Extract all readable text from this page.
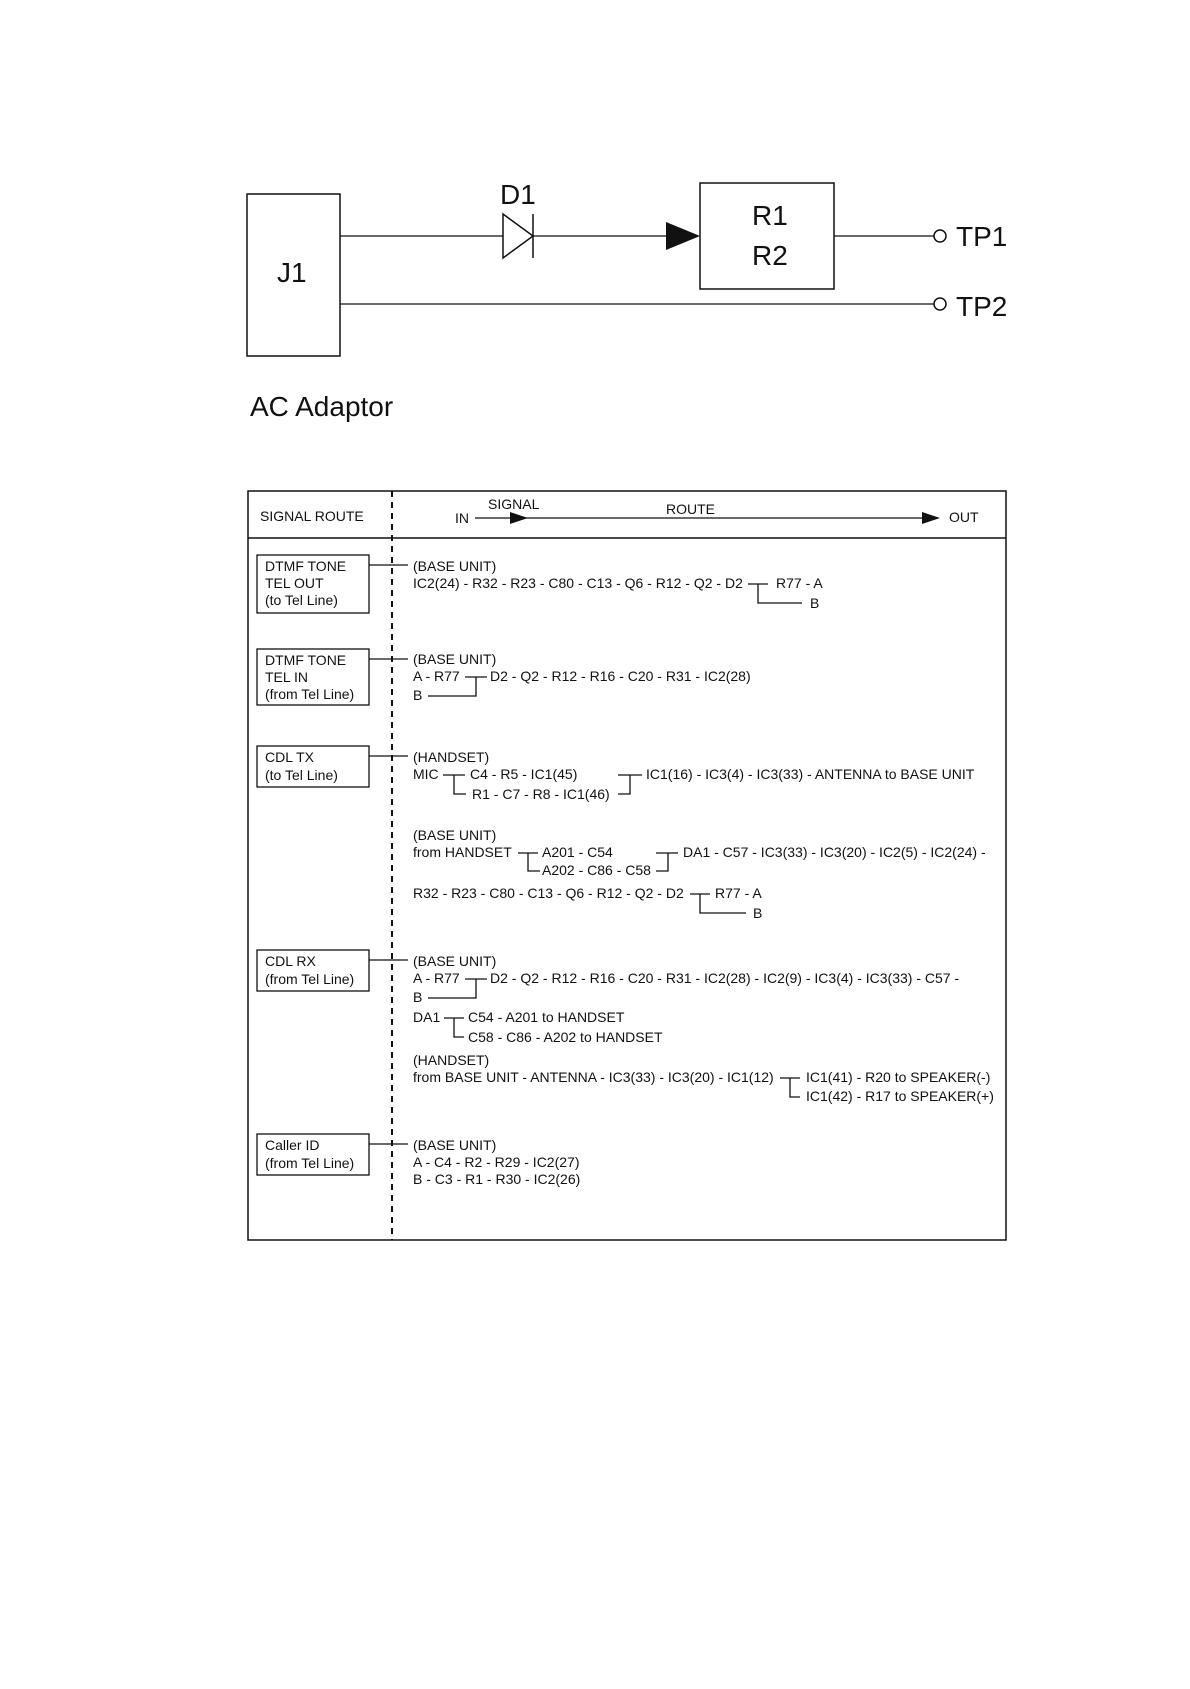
J1
D1
R1
R2
TP1
TP2
AC Adaptor
SIGNAL ROUTE	IN
SIGNAL	ROUTE	OUT
DTMF TONE
TEL OUT
(to Tel Line)
(BASE UNIT)
IC2(24) - R32 - R23 - C80 - C13 - Q6 - R12 - Q2 - D2 R77 - A
B
DTMF TONE
TEL IN
(from Tel Line)
(BASE UNIT)
A - R77 D2 - Q2 - R12 - R16 - C20 - R31 - IC2(28)
B
CDL TX
(to Tel Line)
(HANDSET)
MIC C4 - R5 - IC1(45)
R1 - C7 - R8 - IC1(46)
IC1(16) - IC3(4) - IC3(33) - ANTENNA to BASE UNIT
(BASE UNIT)
from HANDSET A201 - C54
A202 - C86 - C58
DA1 - C57 - IC3(33) - IC3(20) - IC2(5) - IC2(24) -
R32 - R23 - C80 - C13 - Q6 - R12 - Q2 - D2 R77 - A
B
CDL RX
(from Tel Line)
(BASE UNIT)
A - R77 D2 - Q2 - R12 - R16 - C20 - R31 - IC2(28) - IC2(9) - IC3(4) - IC3(33) - C57 -
B
DA1 C54 - A201 to HANDSET
C58 - C86 - A202 to HANDSET
(HANDSET)
from BASE UNIT - ANTENNA - IC3(33) - IC3(20) - IC1(12) IC1(41) - R20 to SPEAKER(-)
IC1(42) - R17 to SPEAKER(+)
Caller ID
(from Tel Line)
(BASE UNIT)
A - C4 - R2 - R29 - IC2(27)
B - C3 - R1 - R30 - IC2(26)
